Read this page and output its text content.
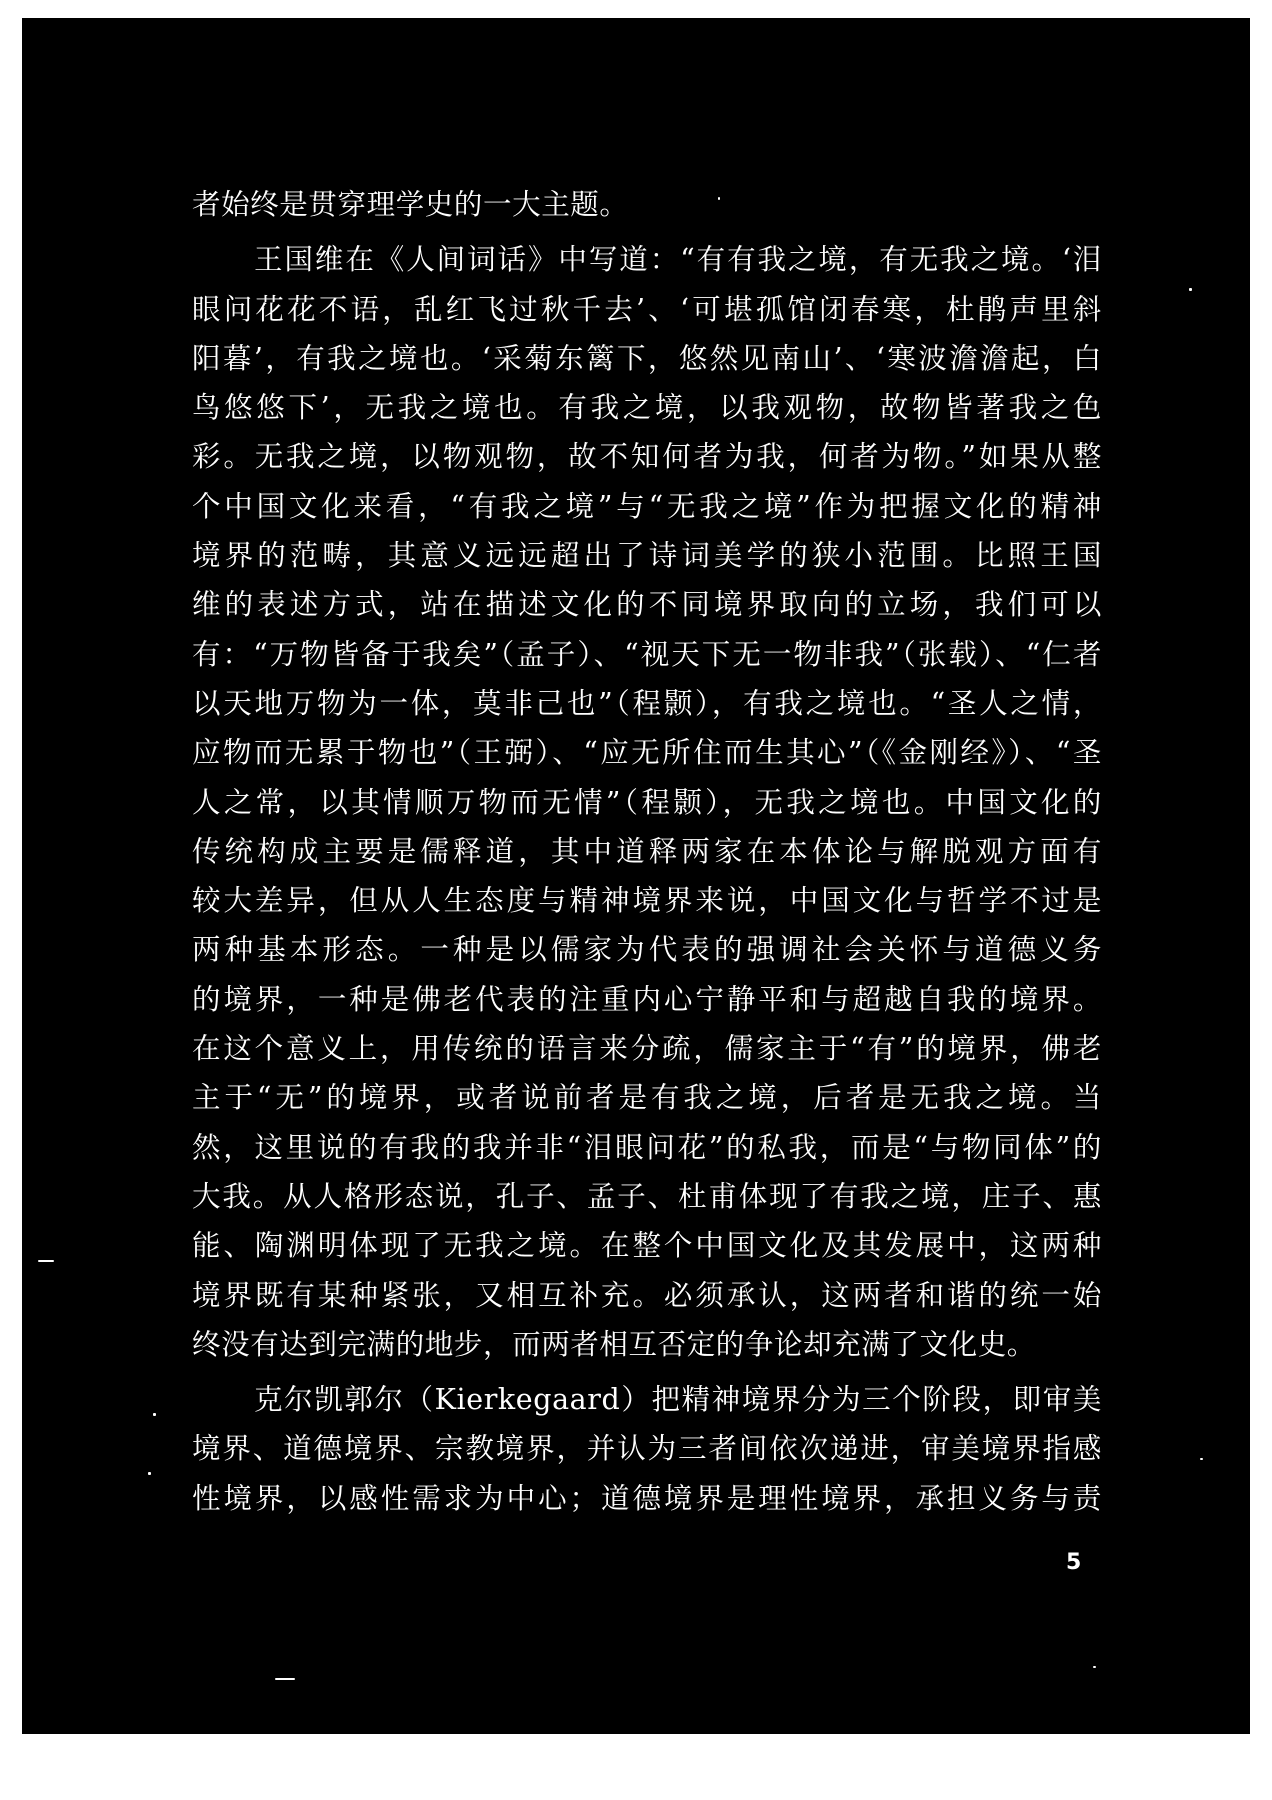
者始终是贯穿理学史的一大主题。
王国维在《人间词话》中写道：“有有我之境，有无我之境。‘泪
眼问花花不语，乱红飞过秋千去’、‘可堪孤馆闭春寒，杜鹃声里斜
阳暮’，有我之境也。‘采菊东篱下，悠然见南山’、‘寒波澹澹起，白
鸟悠悠下’，无我之境也。有我之境，以我观物，故物皆著我之色
彩。无我之境，以物观物，故不知何者为我，何者为物。”如果从整
个中国文化来看，“有我之境”与“无我之境”作为把握文化的精神
境界的范畴，其意义远远超出了诗词美学的狭小范围。比照王国
维的表述方式，站在描述文化的不同境界取向的立场，我们可以
有：“万物皆备于我矣”（孟子）、“视天下无一物非我”（张载）、“仁者
以天地万物为一体，莫非己也”（程颢），有我之境也。“圣人之情，
应物而无累于物也”（王弼）、“应无所住而生其心”（《金刚经》）、“圣
人之常，以其情顺万物而无情”（程颢），无我之境也。中国文化的
传统构成主要是儒释道，其中道释两家在本体论与解脱观方面有
较大差异，但从人生态度与精神境界来说，中国文化与哲学不过是
两种基本形态。一种是以儒家为代表的强调社会关怀与道德义务
的境界，一种是佛老代表的注重内心宁静平和与超越自我的境界。
在这个意义上，用传统的语言来分疏，儒家主于“有”的境界，佛老
主于“无”的境界，或者说前者是有我之境，后者是无我之境。当
然，这里说的有我的我并非“泪眼问花”的私我，而是“与物同体”的
大我。从人格形态说，孔子、孟子、杜甫体现了有我之境，庄子、惠
能、陶渊明体现了无我之境。在整个中国文化及其发展中，这两种
境界既有某种紧张，又相互补充。必须承认，这两者和谐的统一始
终没有达到完满的地步，而两者相互否定的争论却充满了文化史。
克尔凯郭尔（Kierkegaard）把精神境界分为三个阶段，即审美
境界、道德境界、宗教境界，并认为三者间依次递进，审美境界指感
性境界，以感性需求为中心；道德境界是理性境界，承担义务与责
5
